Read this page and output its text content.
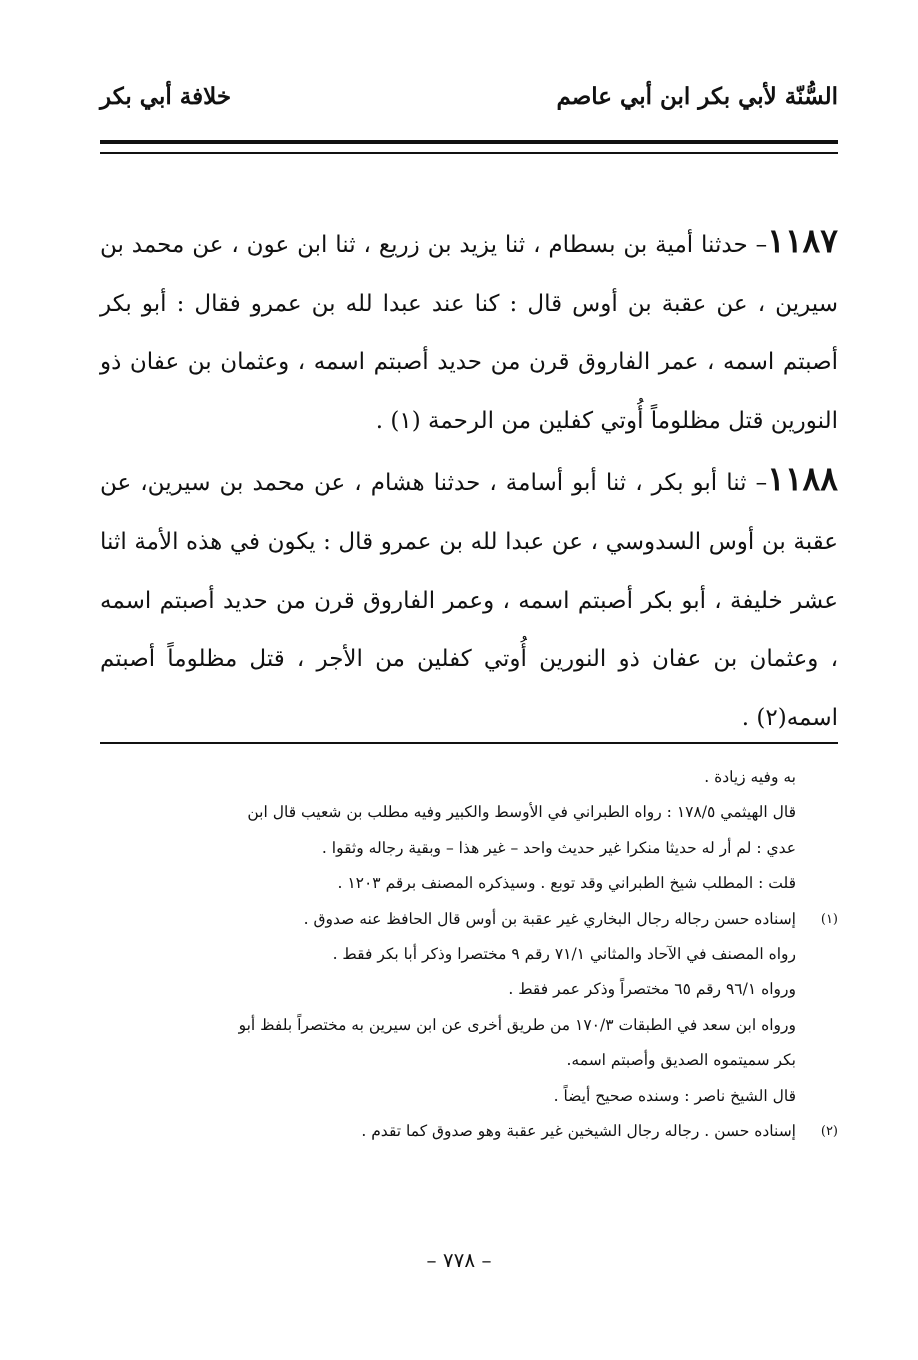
السُّنّة لأبي بكر ابن أبي عاصم
خلافة أبي بكر

١١٨٧– حدثنا أمية بن بسطام ، ثنا يزيد بن زريع ، ثنا ابن عون ، عن محمد بن سيرين ، عن عقبة بن أوس قال : كنا عند عبدا لله بن عمرو فقال : أبو بكر أصبتم اسمه ، عمر الفاروق قرن من حديد أصبتم اسمه ، وعثمان بن عفان ذو النورين قتل مظلوماً أُوتي كفلين من الرحمة (١) .

١١٨٨– ثنا أبو بكر ، ثنا أبو أسامة ، حدثنا هشام ، عن محمد بن سيرين، عن عقبة بن أوس السدوسي ، عن عبدا لله بن عمرو قال : يكون في هذه الأمة اثنا عشر خليفة ، أبو بكر أصبتم اسمه ، وعمر الفاروق قرن من حديد أصبتم اسمه ، وعثمان بن عفان ذو النورين أُوتي كفلين من الأجر ، قتل مظلوماً أصبتم اسمه(٢) .

به وفيه زيادة .
قال الهيثمي ١٧٨/٥ : رواه الطبراني في الأوسط والكبير وفيه مطلب بن شعيب قال ابن
عدي : لم أر له حديثا منكرا غير حديث واحد – غير هذا – وبقية رجاله وثقوا .
قلت : المطلب شيخ الطبراني وقد توبع . وسيذكره المصنف برقم ١٢٠٣ .
(١)
إسناده حسن رجاله رجال البخاري غير عقبة بن أوس قال الحافظ عنه صدوق .
رواه المصنف في الآحاد والمثاني ٧١/١ رقم ٩ مختصرا وذكر أبا بكر فقط .
ورواه ٩٦/١ رقم ٦٥ مختصراً وذكر عمر فقط .
ورواه ابن سعد في الطبقات ١٧٠/٣ من طريق أخرى عن ابن سيرين به مختصراً بلفظ أبو
بكر سميتموه الصديق وأصبتم اسمه.
قال الشيخ ناصر : وسنده صحيح أيضاً .
(٢)
إسناده حسن . رجاله رجال الشيخين غير عقبة وهو صدوق كما تقدم .
– ٧٧٨ –
